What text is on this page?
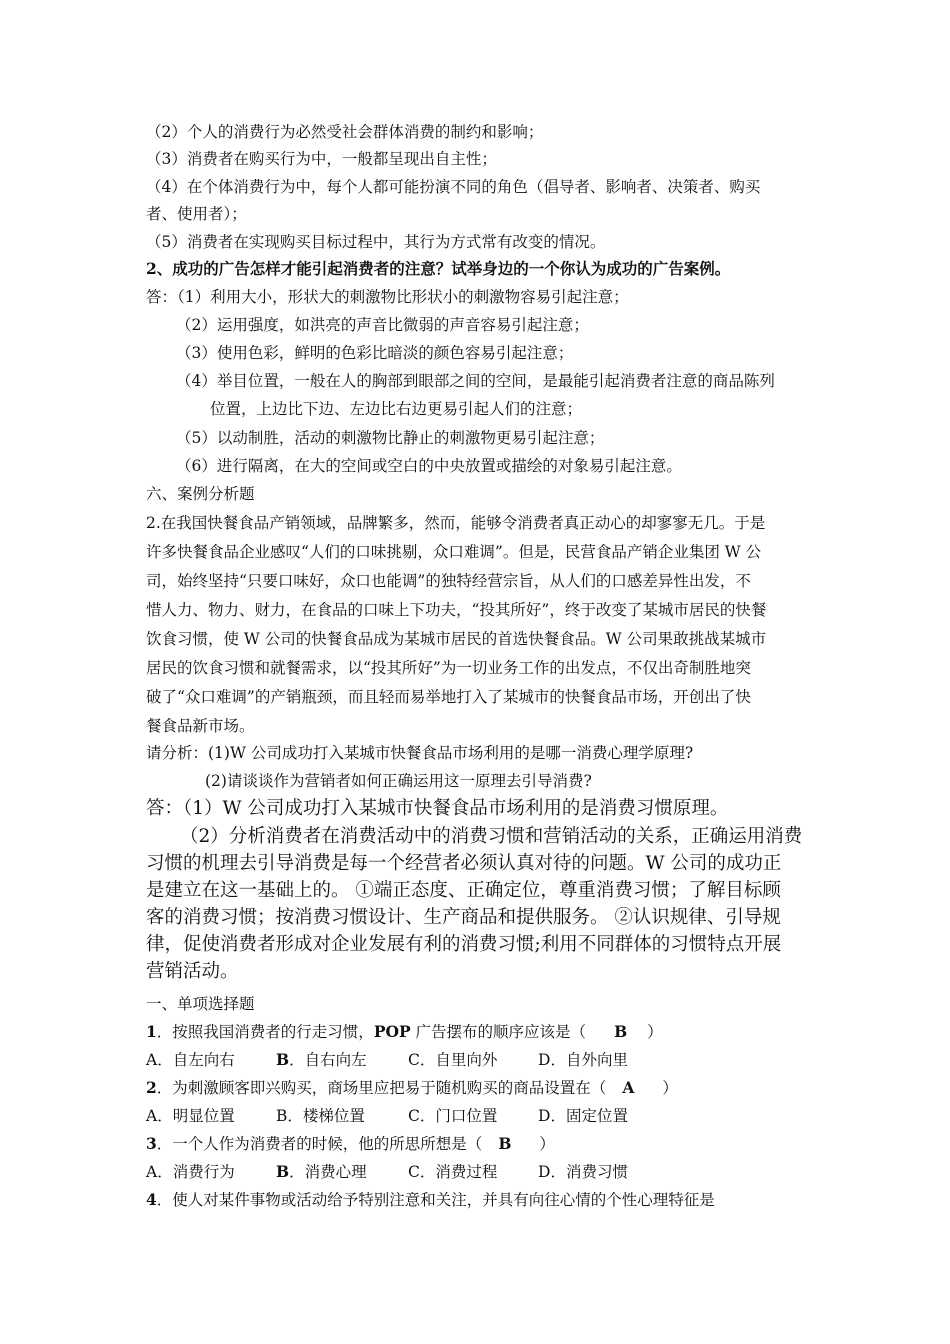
（2）个人的消费行为必然受社会群体消费的制约和影响；
（3）消费者在购买行为中，一般都呈现出自主性；
（4）在个体消费行为中，每个人都可能扮演不同的角色（倡导者、影响者、决策者、购买
者、使用者）；
（5）消费者在实现购买目标过程中，其行为方式常有改变的情况。
2、成功的广告怎样才能引起消费者的注意？试举身边的一个你认为成功的广告案例。
答：（1）利用大小，形状大的刺激物比形状小的刺激物容易引起注意；
（2）运用强度，如洪亮的声音比微弱的声音容易引起注意；
（3）使用色彩，鲜明的色彩比暗淡的颜色容易引起注意；
（4）举目位置，一般在人的胸部到眼部之间的空间，是最能引起消费者注意的商品陈列
位置，上边比下边、左边比右边更易引起人们的注意；
（5）以动制胜，活动的刺激物比静止的刺激物更易引起注意；
（6）进行隔离，在大的空间或空白的中央放置或描绘的对象易引起注意。
六、案例分析题
2.在我国快餐食品产销领域，品牌繁多，然而，能够令消费者真正动心的却寥寥无几。于是
许多快餐食品企业感叹“人们的口味挑剔，众口难调”。但是，民营食品产销企业集团 W 公
司，始终坚持“只要口味好，众口也能调”的独特经营宗旨，从人们的口感差异性出发，不
惜人力、物力、财力，在食品的口味上下功夫，“投其所好”，终于改变了某城市居民的快餐
饮食习惯，使 W 公司的快餐食品成为某城市居民的首选快餐食品。W 公司果敢挑战某城市
居民的饮食习惯和就餐需求，以“投其所好”为一切业务工作的出发点，不仅出奇制胜地突
破了“众口难调”的产销瓶颈，而且轻而易举地打入了某城市的快餐食品市场，开创出了快
餐食品新市场。
请分析：(1)W 公司成功打入某城市快餐食品市场利用的是哪一消费心理学原理?
(2)请谈谈作为营销者如何正确运用这一原理去引导消费?
答：（1）W 公司成功打入某城市快餐食品市场利用的是消费习惯原理。
（2）分析消费者在消费活动中的消费习惯和营销活动的关系，正确运用消费
习惯的机理去引导消费是每一个经营者必须认真对待的问题。W 公司的成功正
是建立在这一基础上的。 ①端正态度、正确定位，尊重消费习惯；了解目标顾
客的消费习惯；按消费习惯设计、生产商品和提供服务。 ②认识规律、引导规
律，促使消费者形成对企业发展有利的消费习惯;利用不同群体的习惯特点开展
营销活动。
一、单项选择题
1．按照我国消费者的行走习惯，POP 广告摆布的顺序应该是（ B ）
A．自左向右	B．自右向左	C．自里向外	D．自外向里
2．为刺激顾客即兴购买，商场里应把易于随机购买的商品设置在（ A ）
A．明显位置	B．楼梯位置	C．门口位置	D．固定位置
3．一个人作为消费者的时候，他的所思所想是（ B ）
A．消费行为	B．消费心理	C．消费过程	D．消费习惯
4．使人对某件事物或活动给予特别注意和关注，并具有向往心情的个性心理特征是
